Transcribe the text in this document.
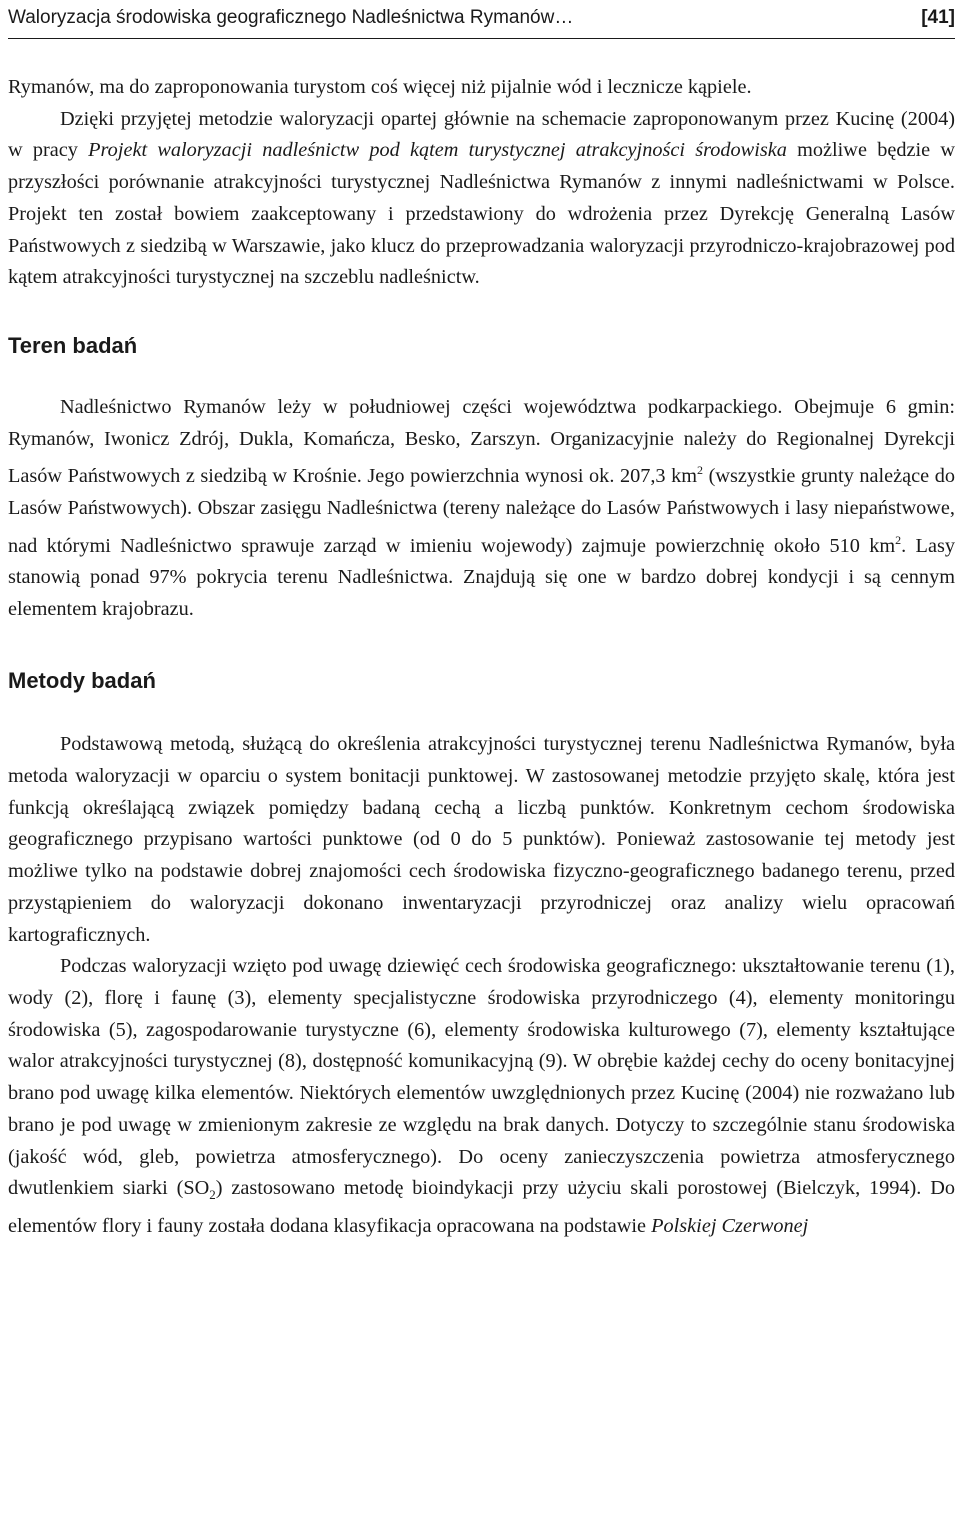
Waloryzacja środowiska geograficznego Nadleśnictwa Rymanów…	[41]

Rymanów, ma do zaproponowania turystom coś więcej niż pijalnie wód i lecznicze kąpiele.

Dzięki przyjętej metodzie waloryzacji opartej głównie na schemacie zaproponowanym przez Kucinę (2004) w pracy Projekt waloryzacji nadleśnictw pod kątem turystycznej atrakcyjności środowiska możliwe będzie w przyszłości porównanie atrakcyjności turystycznej Nadleśnictwa Rymanów z innymi nadleśnictwami w Polsce. Projekt ten został bowiem zaakceptowany i przedstawiony do wdrożenia przez Dyrekcję Generalną Lasów Państwowych z siedzibą w Warszawie, jako klucz do przeprowadzania waloryzacji przyrodniczo-krajobrazowej pod kątem atrakcyjności turystycznej na szczeblu nadleśnictw.

Teren badań

Nadleśnictwo Rymanów leży w południowej części województwa podkarpackiego. Obejmuje 6 gmin: Rymanów, Iwonicz Zdrój, Dukla, Komańcza, Besko, Zarszyn. Organizacyjnie należy do Regionalnej Dyrekcji Lasów Państwowych z siedzibą w Krośnie. Jego powierzchnia wynosi ok. 207,3 $km^2$ (wszystkie grunty należące do Lasów Państwowych). Obszar zasięgu Nadleśnictwa (tereny należące do Lasów Państwowych i lasy niepaństwowe, nad którymi Nadleśnictwo sprawuje zarząd w imieniu wojewody) zajmuje powierzchnię około 510 $km^2$. Lasy stanowią ponad 97% pokrycia terenu Nadleśnictwa. Znajdują się one w bardzo dobrej kondycji i są cennym elementem krajobrazu.

Metody badań

Podstawową metodą, służącą do określenia atrakcyjności turystycznej terenu Nadleśnictwa Rymanów, była metoda waloryzacji w oparciu o system bonitacji punktowej. W zastosowanej metodzie przyjęto skalę, która jest funkcją określającą związek pomiędzy badaną cechą a liczbą punktów. Konkretnym cechom środowiska geograficznego przypisano wartości punktowe (od 0 do 5 punktów). Ponieważ zastosowanie tej metody jest możliwe tylko na podstawie dobrej znajomości cech środowiska fizyczno-geograficznego badanego terenu, przed przystąpieniem do waloryzacji dokonano inwentaryzacji przyrodniczej oraz analizy wielu opracowań kartograficznych.

Podczas waloryzacji wzięto pod uwagę dziewięć cech środowiska geograficznego: ukształtowanie terenu (1), wody (2), florę i faunę (3), elementy specjalistyczne środowiska przyrodniczego (4), elementy monitoringu środowiska (5), zagospodarowanie turystyczne (6), elementy środowiska kulturowego (7), elementy kształtujące walor atrakcyjności turystycznej (8), dostępność komunikacyjną (9). W obrębie każdej cechy do oceny bonitacyjnej brano pod uwagę kilka elementów. Niektórych elementów uwzględnionych przez Kucinę (2004) nie rozważano lub brano je pod uwagę w zmienionym zakresie ze względu na brak danych. Dotyczy to szczególnie stanu środowiska (jakość wód, gleb, powietrza atmosferycznego). Do oceny zanieczyszczenia powietrza atmosferycznego dwutlenkiem siarki $(SO_2)$ zastosowano metodę bioindykacji przy użyciu skali porostowej (Bielczyk, 1994). Do elementów flory i fauny została dodana klasyfikacja opracowana na podstawie Polskiej Czerwonej
